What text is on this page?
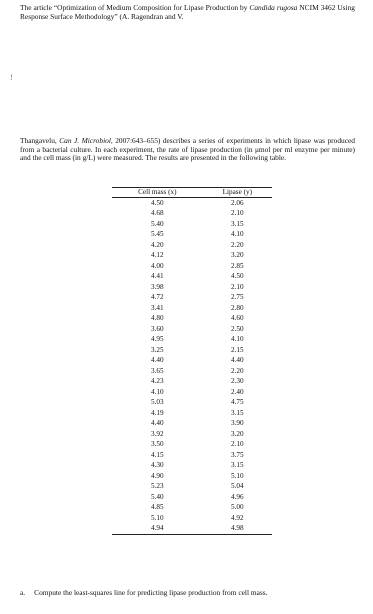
The article “Optimization of Medium Composition for Lipase Production by Candida rugosa NCIM 3462 Using Response Surface Methodology” (A. Ragendran and V.
!
Thangavelu, Can J. Microbiol, 2007:643–655) describes a series of experiments in which lipase was produced from a bacterial culture. In each experiment, the rate of lipase production (in μmol per ml enzyme per minute) and the cell mass (in g/L) were measured. The results are presented in the following table.
Cell mass (x)	Lipase (y)
4.50	2.06
4.68	2.10
5.40	3.15
5.45	4.10
4.20	2.20
4.12	3.20
4.00	2.85
4.41	4.50
3.98	2.10
4.72	2.75
3.41	2.80
4.80	4.60
3.60	2.50
4.95	4.10
3.25	2.15
4.40	4.40
3.65	2.20
4.23	2.30
4.10	2.40
5.03	4.75
4.19	3.15
4.40	3.90
3.92	3.20
3.50	2.10
4.15	3.75
4.30	3.15
4.90	5.10
5.23	5.04
5.40	4.96
4.85	5.00
5.10	4.92
4.94	4.98
a. Compute the least-squares line for predicting lipase production from cell mass.
